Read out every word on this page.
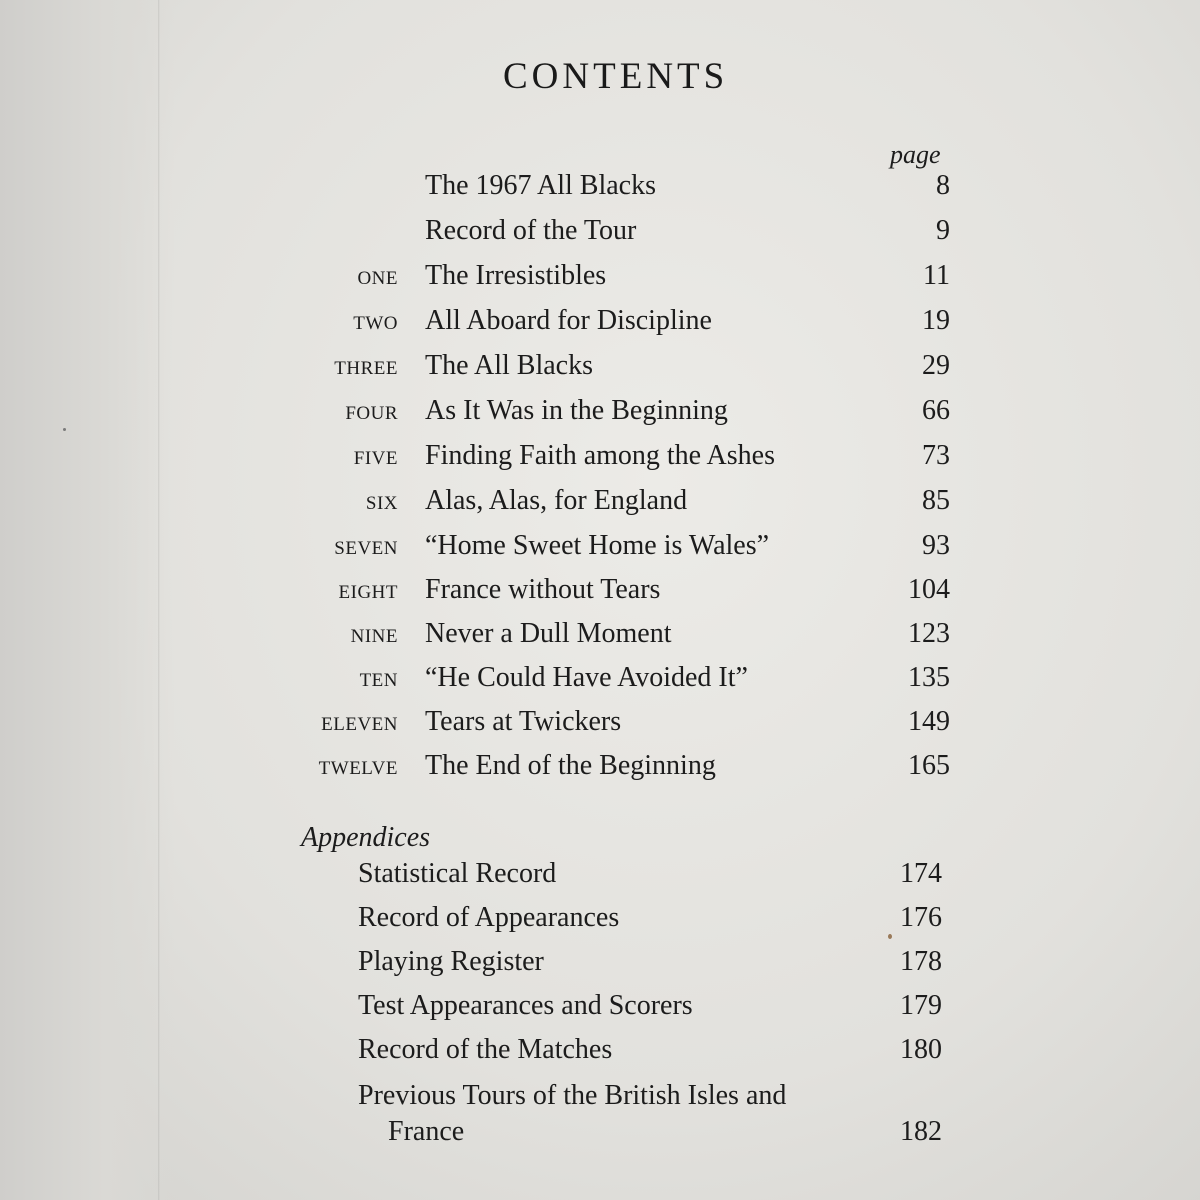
CONTENTS
page
The 1967 All Blacks	8
Record of the Tour	9
ONE The Irresistibles	11
TWO All Aboard for Discipline	19
THREE The All Blacks	29
FOUR As It Was in the Beginning	66
FIVE Finding Faith among the Ashes	73
SIX Alas, Alas, for England	85
SEVEN “Home Sweet Home is Wales”	93
EIGHT France without Tears	104
NINE Never a Dull Moment	123
TEN “He Could Have Avoided It”	135
ELEVEN Tears at Twickers	149
TWELVE The End of the Beginning	165
Appendices
Statistical Record	174
Record of Appearances	176
Playing Register	178
Test Appearances and Scorers	179
Record of the Matches	180
Previous Tours of the British Isles and
France	182
